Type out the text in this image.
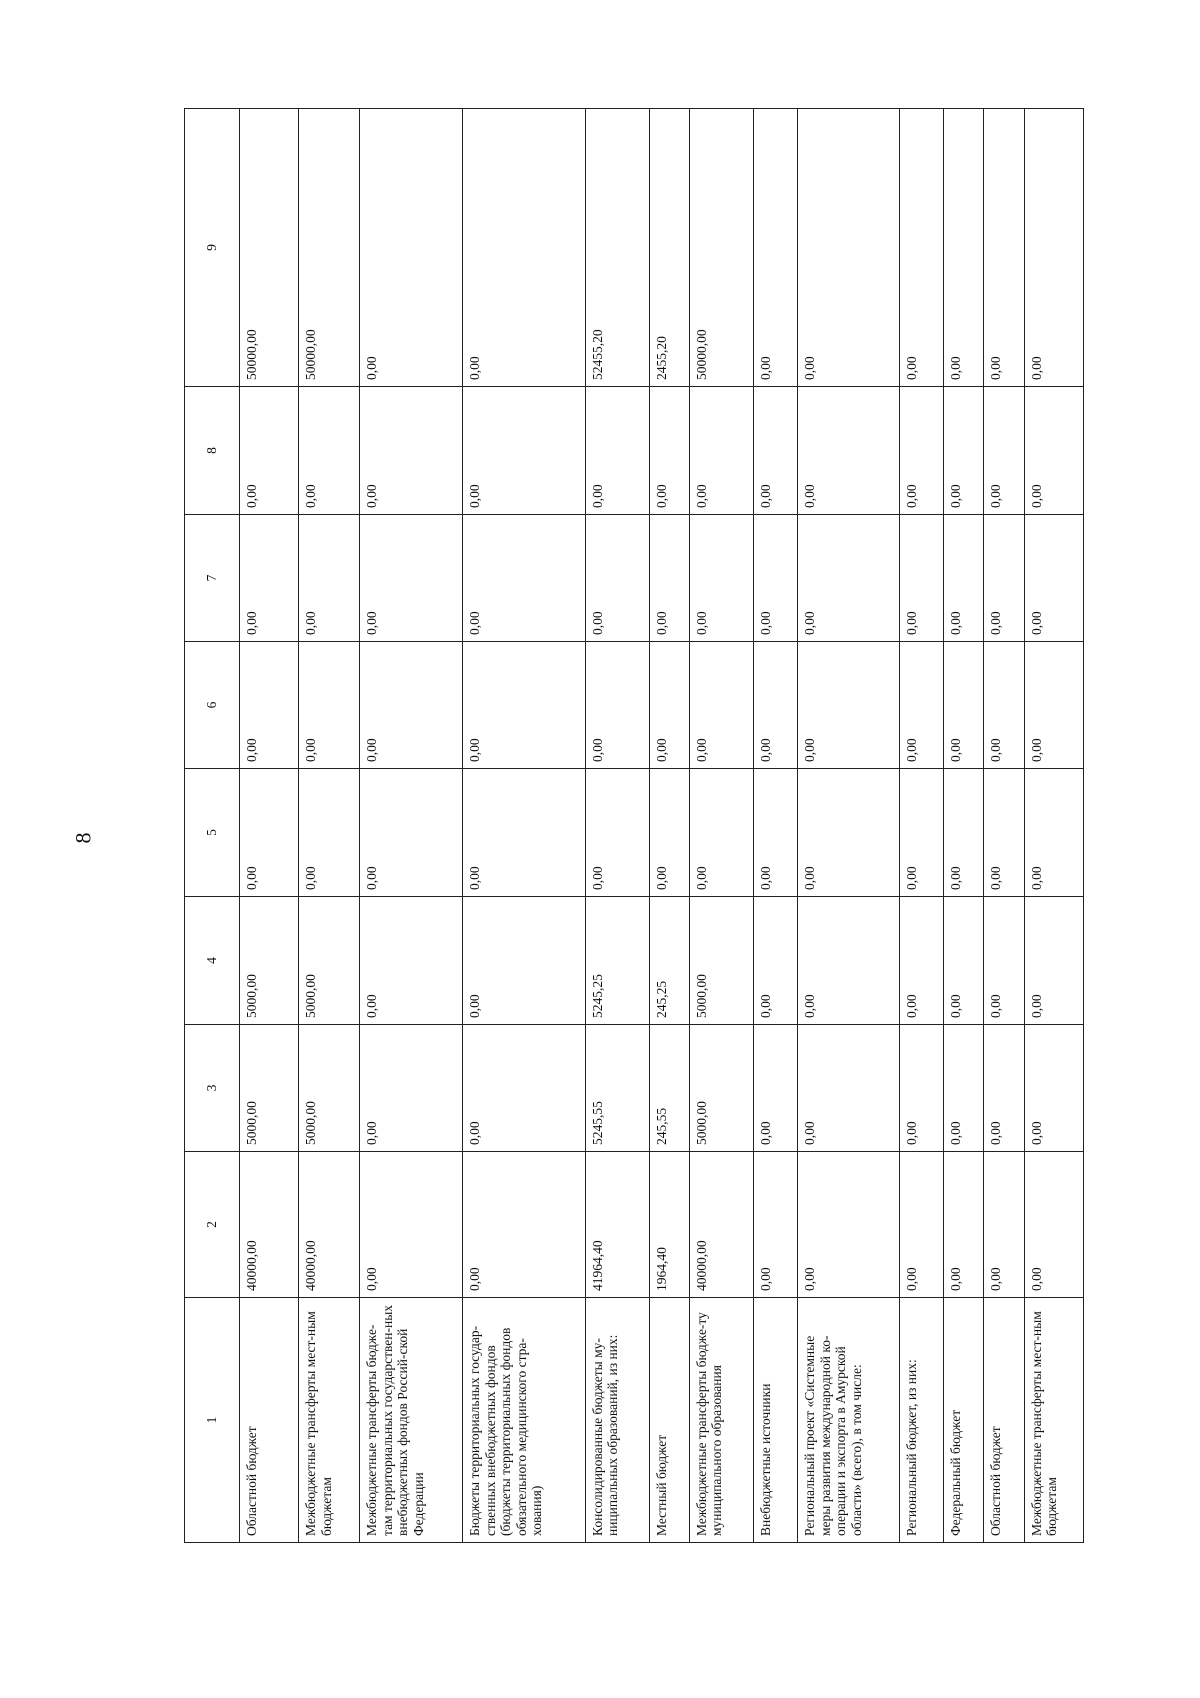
8
1	2	3	4	5	6	7	8	9
Областной бюджет	40000,00	5000,00	5000,00	0,00	0,00	0,00	0,00	50000,00
Межбюджетные трансферты мест-ным бюджетам	40000,00	5000,00	5000,00	0,00	0,00	0,00	0,00	50000,00
Межбюджетные трансферты бюдже-там территориальных государствен-ных внебюджетных фондов Россий-ской Федерации	0,00	0,00	0,00	0,00	0,00	0,00	0,00	0,00
Бюджеты территориальных государ-ственных внебюджетных фондов (бюджеты территориальных фондов обязательного медицинского стра-хования)	0,00	0,00	0,00	0,00	0,00	0,00	0,00	0,00
Консолидированные бюджеты му-ниципальных образований, из них:	41964,40	5245,55	5245,25	0,00	0,00	0,00	0,00	52455,20
Местный бюджет	1964,40	245,55	245,25	0,00	0,00	0,00	0,00	2455,20
Межбюджетные трансферты бюдже-ту муниципального образования	40000,00	5000,00	5000,00	0,00	0,00	0,00	0,00	50000,00
Внебюджетные источники	0,00	0,00	0,00	0,00	0,00	0,00	0,00	0,00
Региональный проект «Системные меры развития международной ко-операции и экспорта в Амурской области» (всего), в том числе:	0,00	0,00	0,00	0,00	0,00	0,00	0,00	0,00
Региональный бюджет, из них:	0,00	0,00	0,00	0,00	0,00	0,00	0,00	0,00
Федеральный бюджет	0,00	0,00	0,00	0,00	0,00	0,00	0,00	0,00
Областной бюджет	0,00	0,00	0,00	0,00	0,00	0,00	0,00	0,00
Межбюджетные трансферты мест-ным бюджетам	0,00	0,00	0,00	0,00	0,00	0,00	0,00	0,00
